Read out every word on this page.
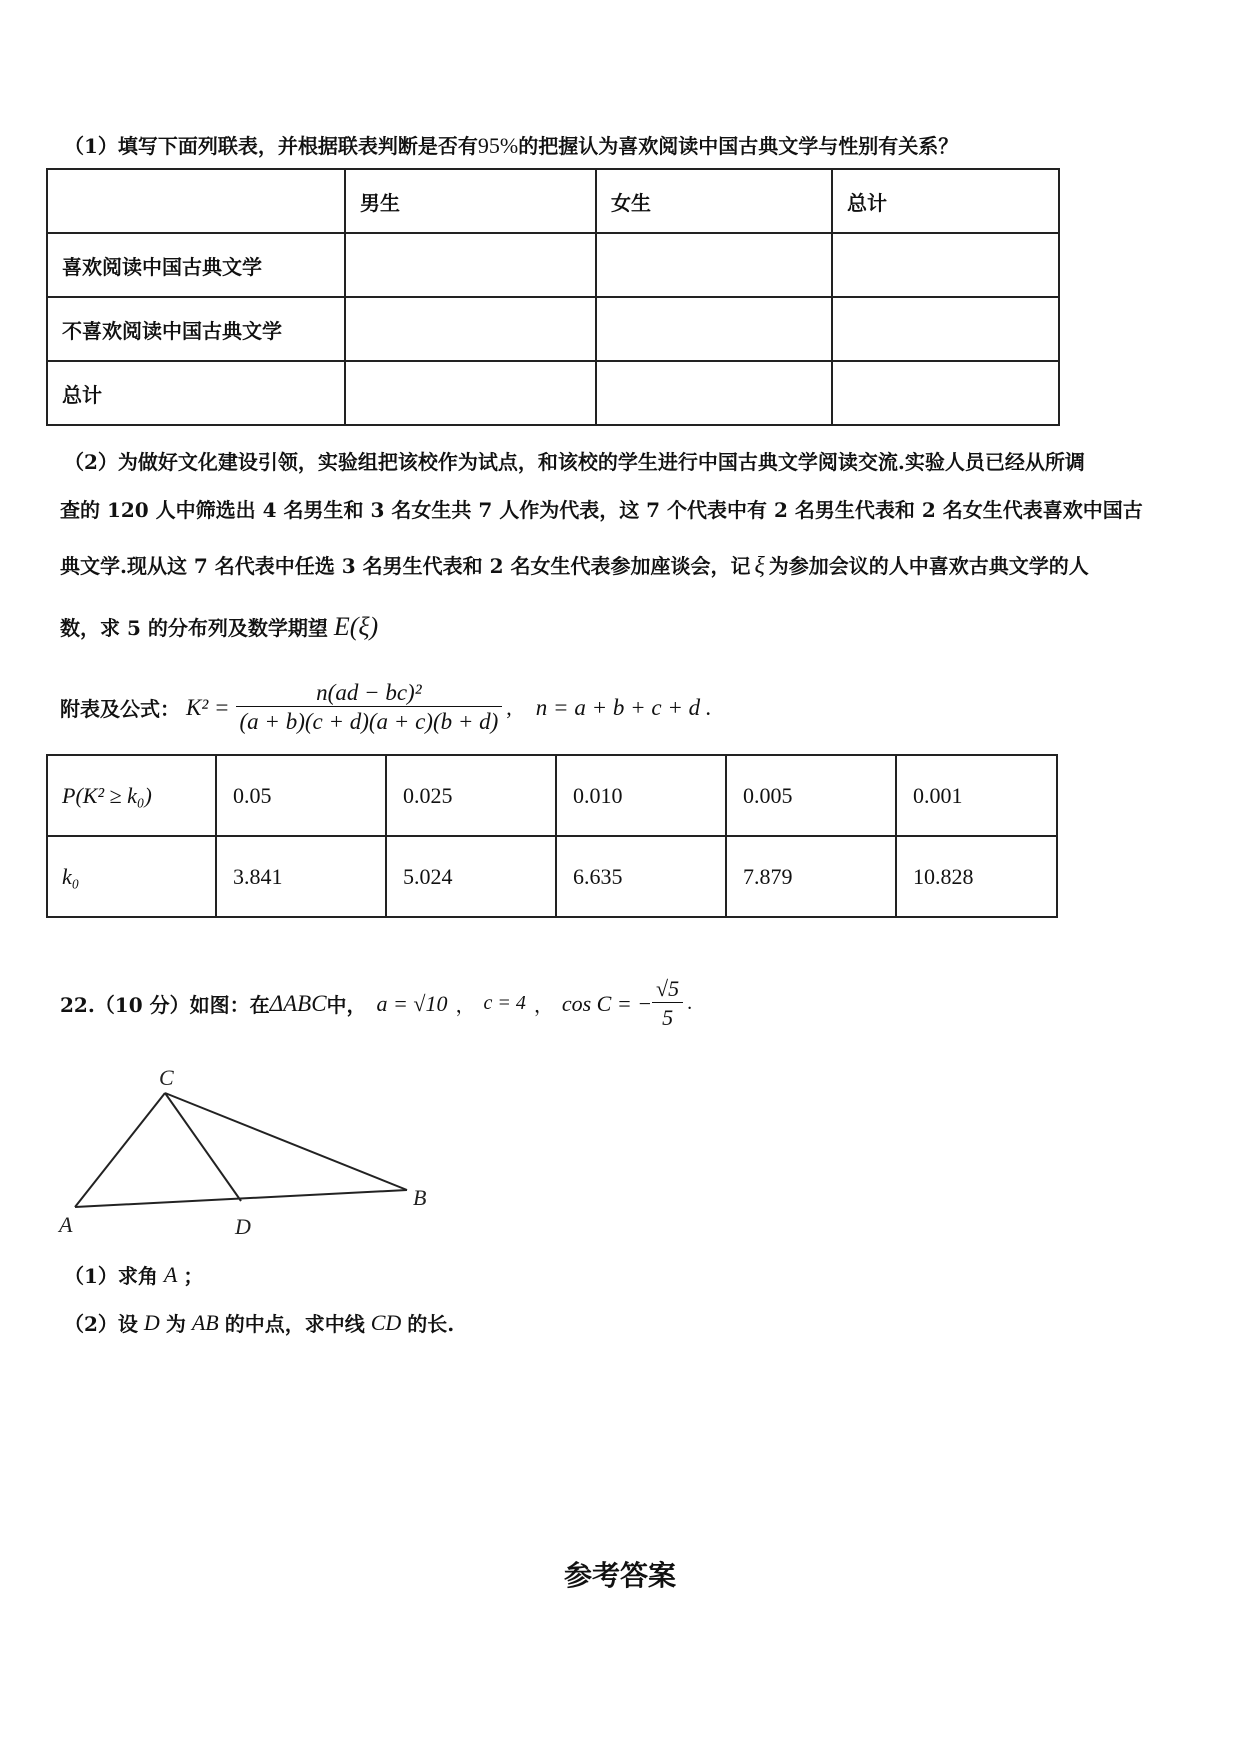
（1）填写下面列联表，并根据联表判断是否有95%的把握认为喜欢阅读中国古典文学与性别有关系？
	男生	女生	总计
喜欢阅读中国古典文学			
不喜欢阅读中国古典文学			
总计			
（2）为做好文化建设引领，实验组把该校作为试点，和该校的学生进行中国古典文学阅读交流.实验人员已经从所调
查的 120 人中筛选出 4 名男生和 3 名女生共 7 人作为代表，这 7 个代表中有 2 名男生代表和 2 名女生代表喜欢中国古
典文学.现从这 7 名代表中任选 3 名男生代表和 2 名女生代表参加座谈会，记 ξ 为参加会议的人中喜欢古典文学的人
数，求 5 的分布列及数学期望 E(ξ)
附表及公式： $K^2 = \frac{\text{n(ad − bc)²}}{(a + b)(c + d)(a + c)(b + d)}$ , n = a + b + c + d .
P(K² ≥ k₀)	0.05	0.025	0.010	0.005	0.001
k₀	3.841	5.024	6.635	7.879	10.828
22.（10 分）如图：在 ΔABC 中， a = √10 ， c = 4 ， cos C = − $\frac{√5}{5}$ .
C
A	D
B
（1）求角 A ；
（2）设 D 为 AB 的中点，求中线 CD 的长.
参考答案
